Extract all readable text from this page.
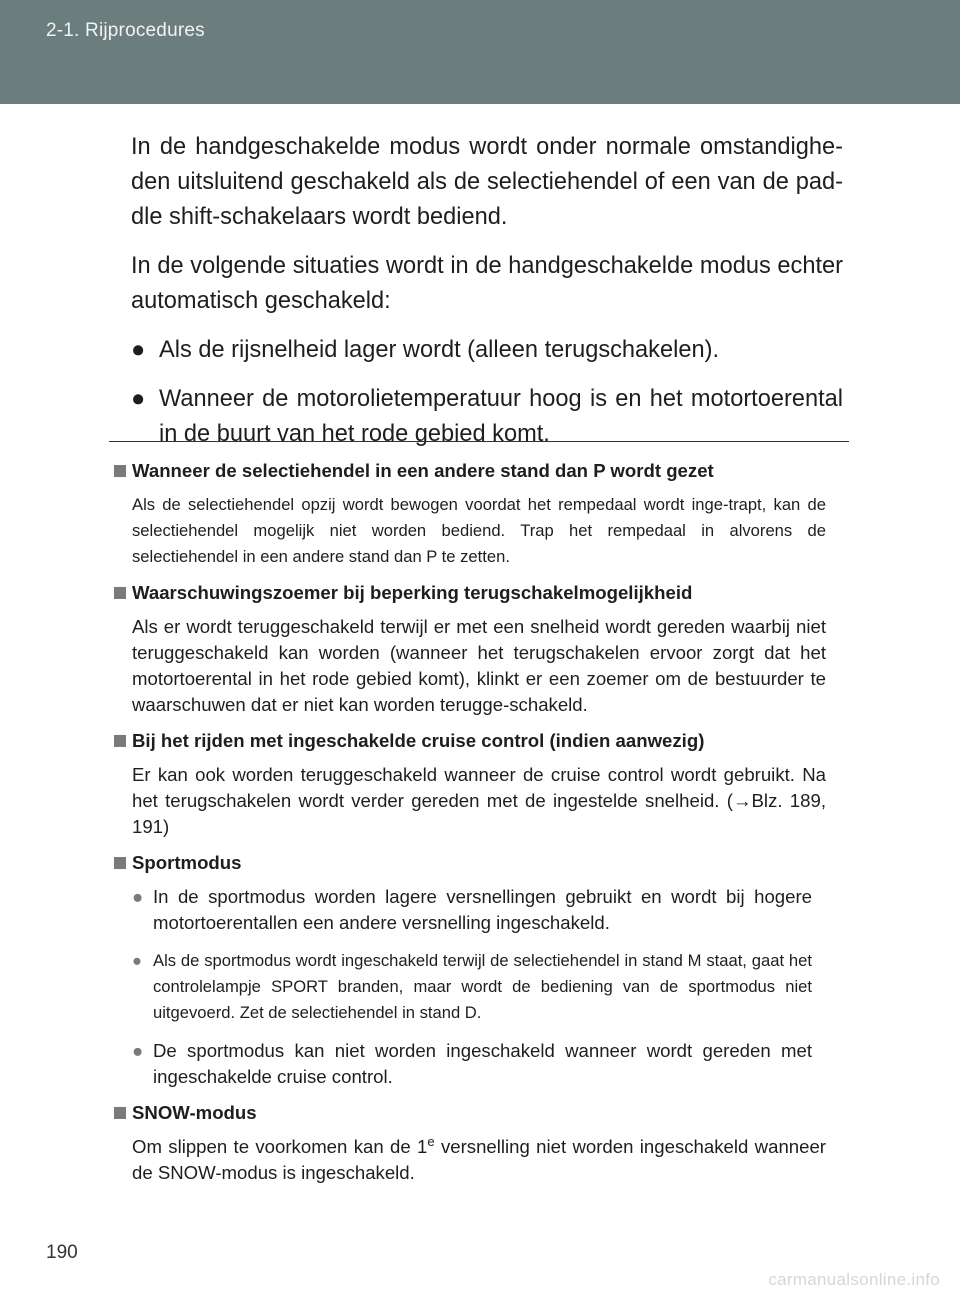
2-1. Rijprocedures

In de handgeschakelde modus wordt onder normale omstandighe-den uitsluitend geschakeld als de selectiehendel of een van de pad-dle shift-schakelaars wordt bediend.

In de volgende situaties wordt in de handgeschakelde modus echter automatisch geschakeld:

● Als de rijsnelheid lager wordt (alleen terugschakelen).

● Wanneer de motorolietemperatuur hoog is en het motortoerental in de buurt van het rode gebied komt.

Wanneer de selectiehendel in een andere stand dan P wordt gezet

Als de selectiehendel opzij wordt bewogen voordat het rempedaal wordt inge-trapt, kan de selectiehendel mogelijk niet worden bediend. Trap het rempedaal in alvorens de selectiehendel in een andere stand dan P te zetten.

Waarschuwingszoemer bij beperking terugschakelmogelijkheid

Als er wordt teruggeschakeld terwijl er met een snelheid wordt gereden waarbij niet teruggeschakeld kan worden (wanneer het terugschakelen ervoor zorgt dat het motortoerental in het rode gebied komt), klinkt er een zoemer om de bestuurder te waarschuwen dat er niet kan worden terugge-schakeld.

Bij het rijden met ingeschakelde cruise control (indien aanwezig)

Er kan ook worden teruggeschakeld wanneer de cruise control wordt gebruikt. Na het terugschakelen wordt verder gereden met de ingestelde snelheid. (→Blz. 189, 191)

Sportmodus

● In de sportmodus worden lagere versnellingen gebruikt en wordt bij hogere motortoerentallen een andere versnelling ingeschakeld.

● Als de sportmodus wordt ingeschakeld terwijl de selectiehendel in stand M staat, gaat het controlelampje SPORT branden, maar wordt de bediening van de sportmodus niet uitgevoerd. Zet de selectiehendel in stand D.

● De sportmodus kan niet worden ingeschakeld wanneer wordt gereden met ingeschakelde cruise control.

SNOW-modus

Om slippen te voorkomen kan de 1e versnelling niet worden ingeschakeld wanneer de SNOW-modus is ingeschakeld.

190
carmanualsonline.info
